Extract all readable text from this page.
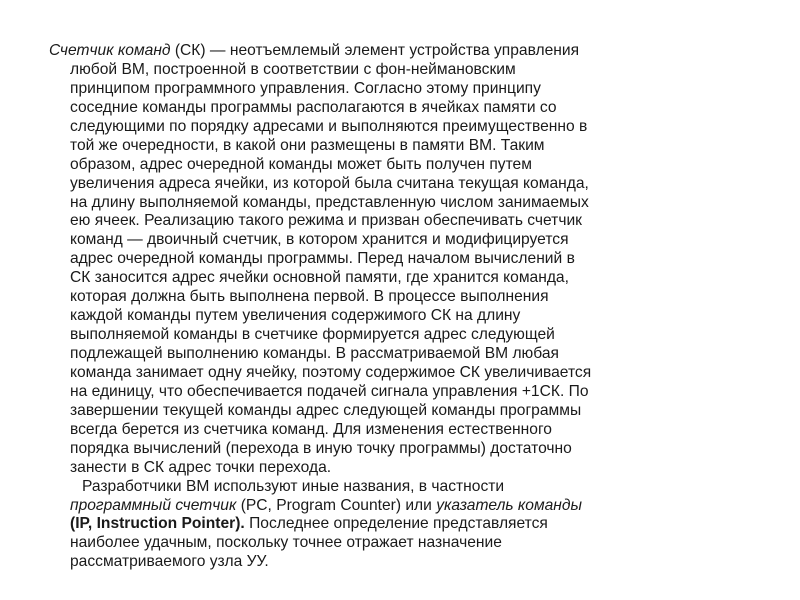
Счетчик команд (СК) — неотъемлемый элемент устройства управления
любой ВМ, построенной в соответствии с фон-неймановским
принципом программного управления. Согласно этому принципу
соседние команды программы располагаются в ячейках памяти со
следующими по порядку адресами и выполняются преимущественно в
той же очередности, в какой они размещены в памяти ВМ. Таким
образом, адрес очередной команды может быть получен путем
увеличения адреса ячейки, из которой была считана текущая команда,
на длину выполняемой команды, представленную числом занимаемых
ею ячеек. Реализацию такого режима и призван обеспечивать счетчик
команд — двоичный счетчик, в котором хранится и модифицируется
адрес очередной команды программы. Перед началом вычислений в
СК заносится адрес ячейки основной памяти, где хранится команда,
которая должна быть выполнена первой. В процессе выполнения
каждой команды путем увеличения содержимого СК на длину
выполняемой команды в счетчике формируется адрес следующей
подлежащей выполнению команды. В рассматриваемой ВМ любая
команда занимает одну ячейку, поэтому содержимое СК увеличивается
на единицу, что обеспечивается подачей сигнала управления +1СК. По
завершении текущей команды адрес следующей команды программы
всегда берется из счетчика команд. Для изменения естественного
порядка вычислений (перехода в иную точку программы) достаточно
занести в СК адрес точки перехода.
Разработчики ВМ используют иные названия, в частности
программный счетчик (PC, Program Counter) или указатель команды
(IP, Instruction Pointer). Последнее определение представляется
наиболее удачным, поскольку точнее отражает назначение
рассматриваемого узла УУ.
